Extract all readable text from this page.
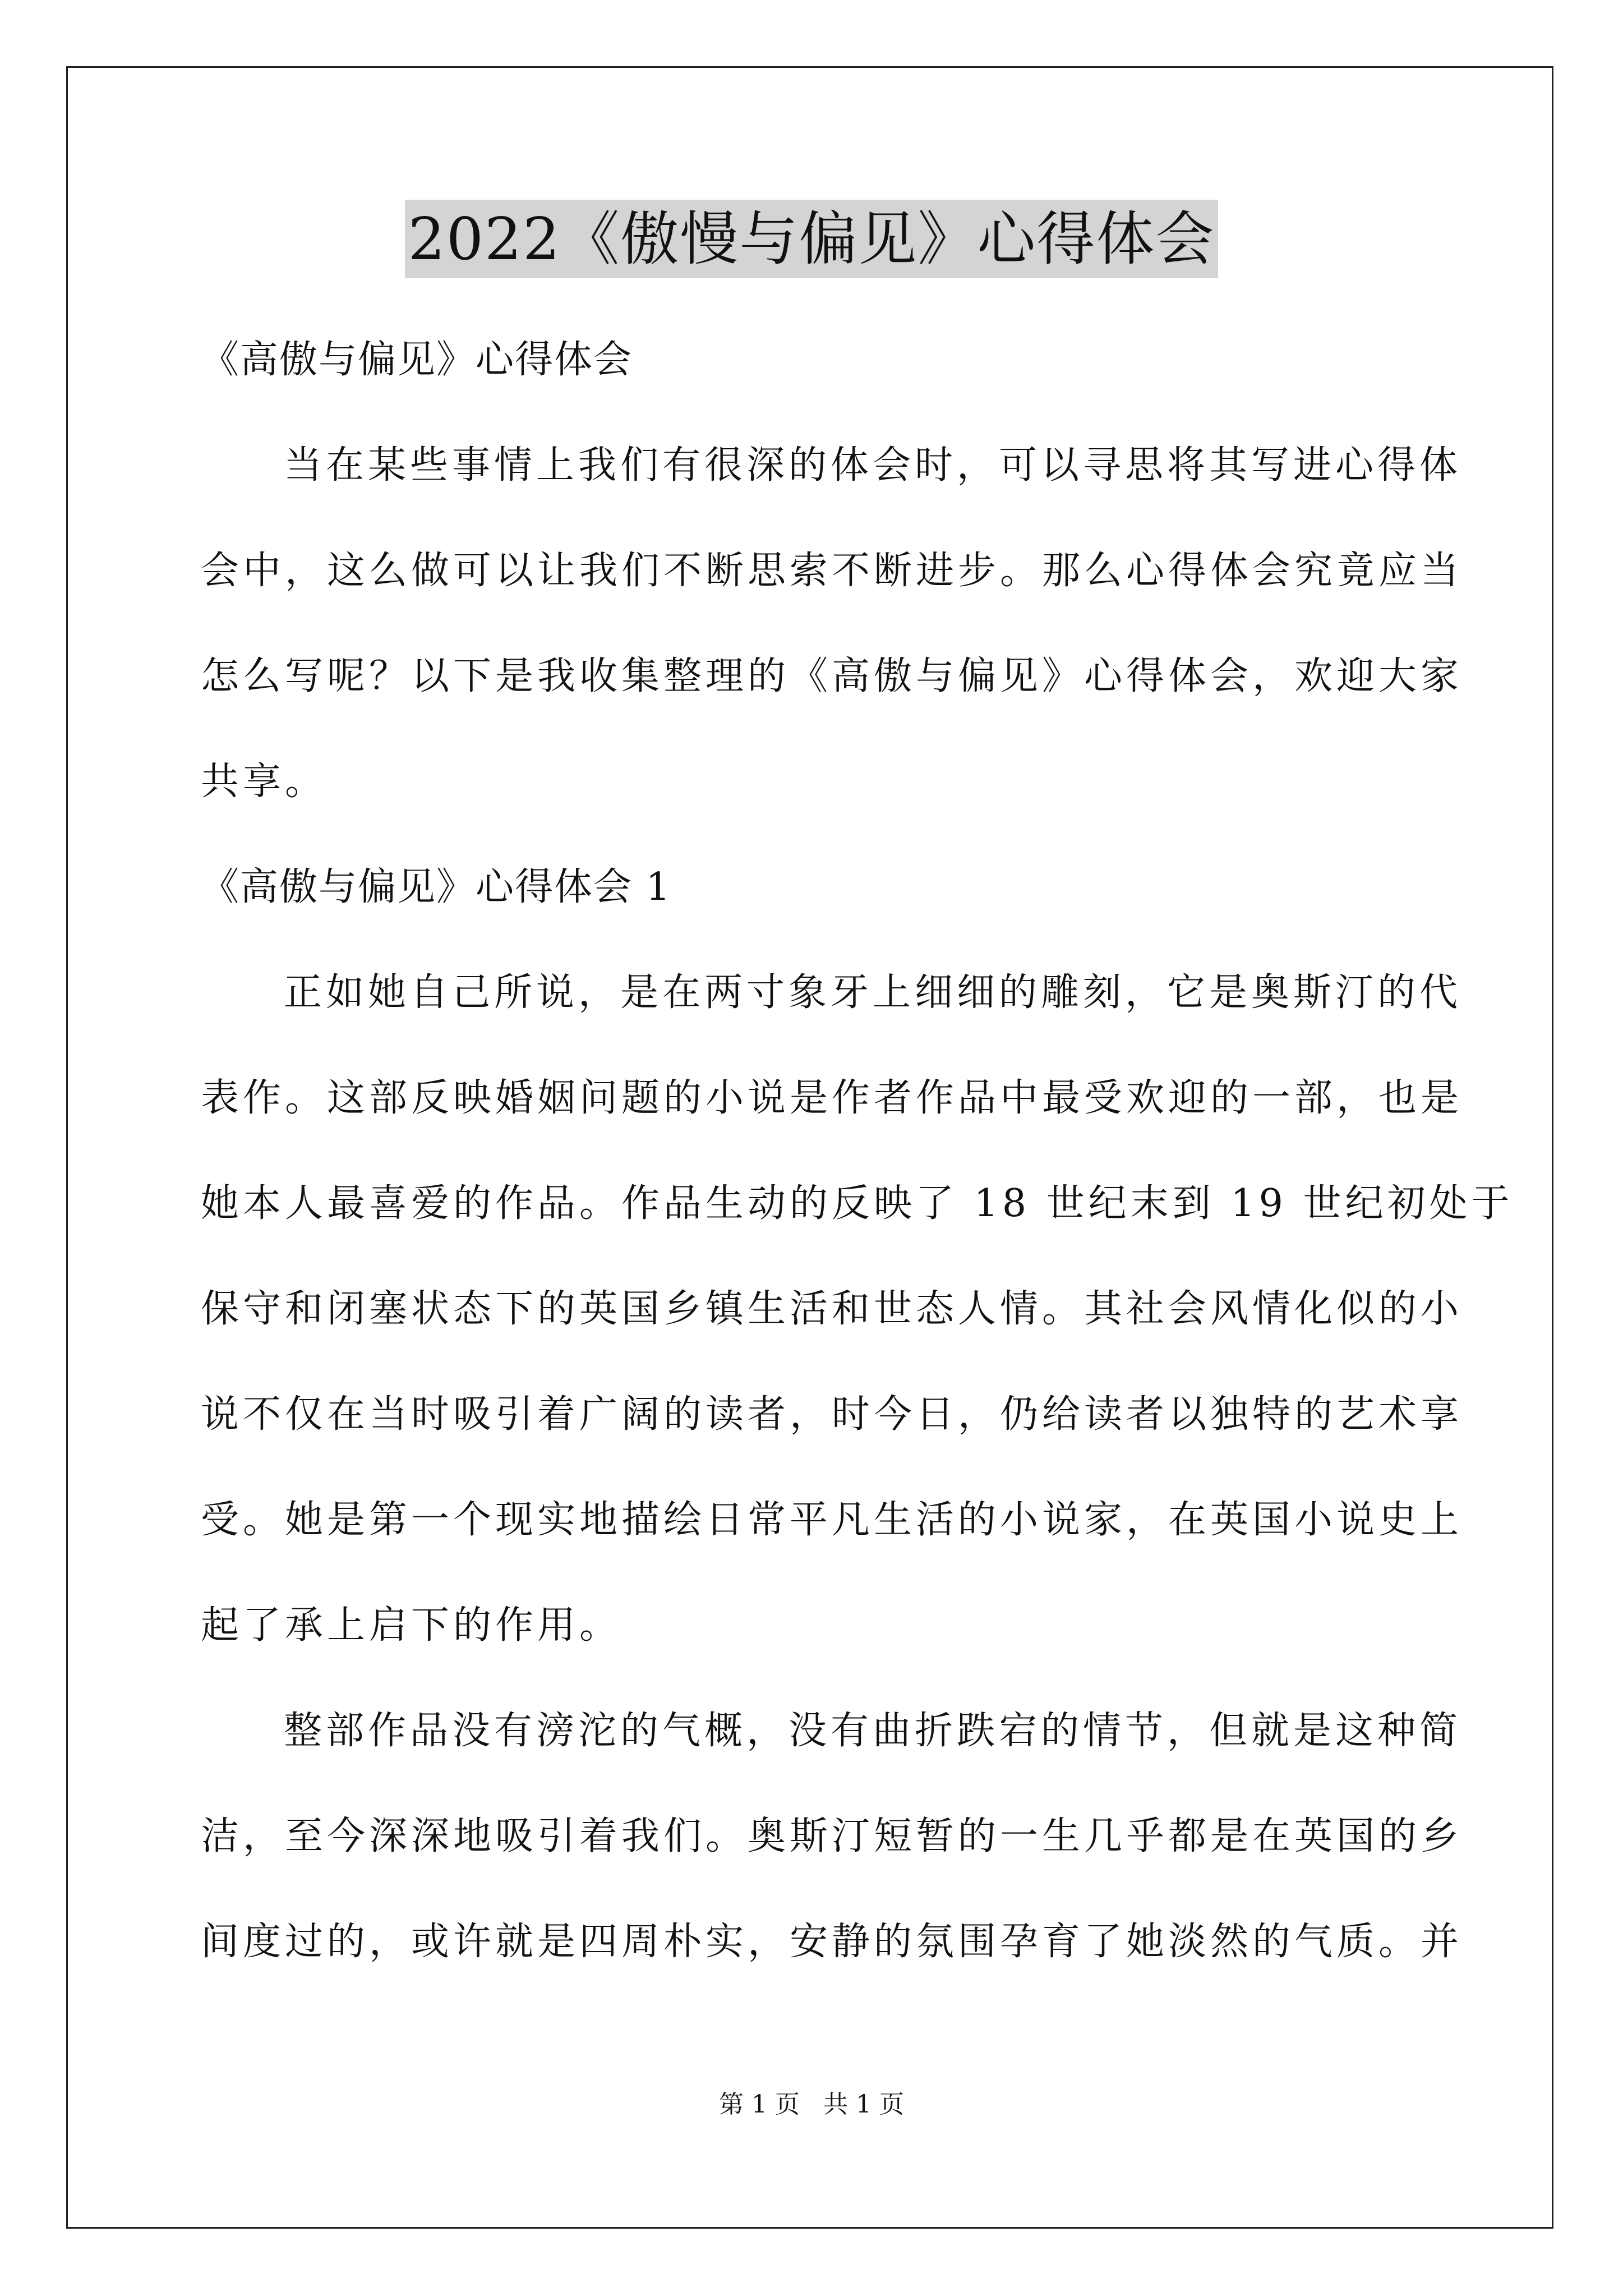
2022《傲慢与偏见》心得体会
《高傲与偏见》心得体会
当在某些事情上我们有很深的体会时，可以寻思将其写进心得体
会中，这么做可以让我们不断思索不断进步。那么心得体会究竟应当
怎么写呢？以下是我收集整理的《高傲与偏见》心得体会，欢迎大家
共享。
《高傲与偏见》心得体会 1
正如她自己所说，是在两寸象牙上细细的雕刻，它是奥斯汀的代
表作。这部反映婚姻问题的小说是作者作品中最受欢迎的一部，也是
她本人最喜爱的作品。作品生动的反映了 18 世纪末到 19 世纪初处于
保守和闭塞状态下的英国乡镇生活和世态人情。其社会风情化似的小
说不仅在当时吸引着广阔的读者，时今日，仍给读者以独特的艺术享
受。她是第一个现实地描绘日常平凡生活的小说家，在英国小说史上
起了承上启下的作用。
整部作品没有滂沱的气概，没有曲折跌宕的情节，但就是这种简
洁，至今深深地吸引着我们。奥斯汀短暂的一生几乎都是在英国的乡
间度过的，或许就是四周朴实，安静的氛围孕育了她淡然的气质。并
第 1 页 共 1 页
